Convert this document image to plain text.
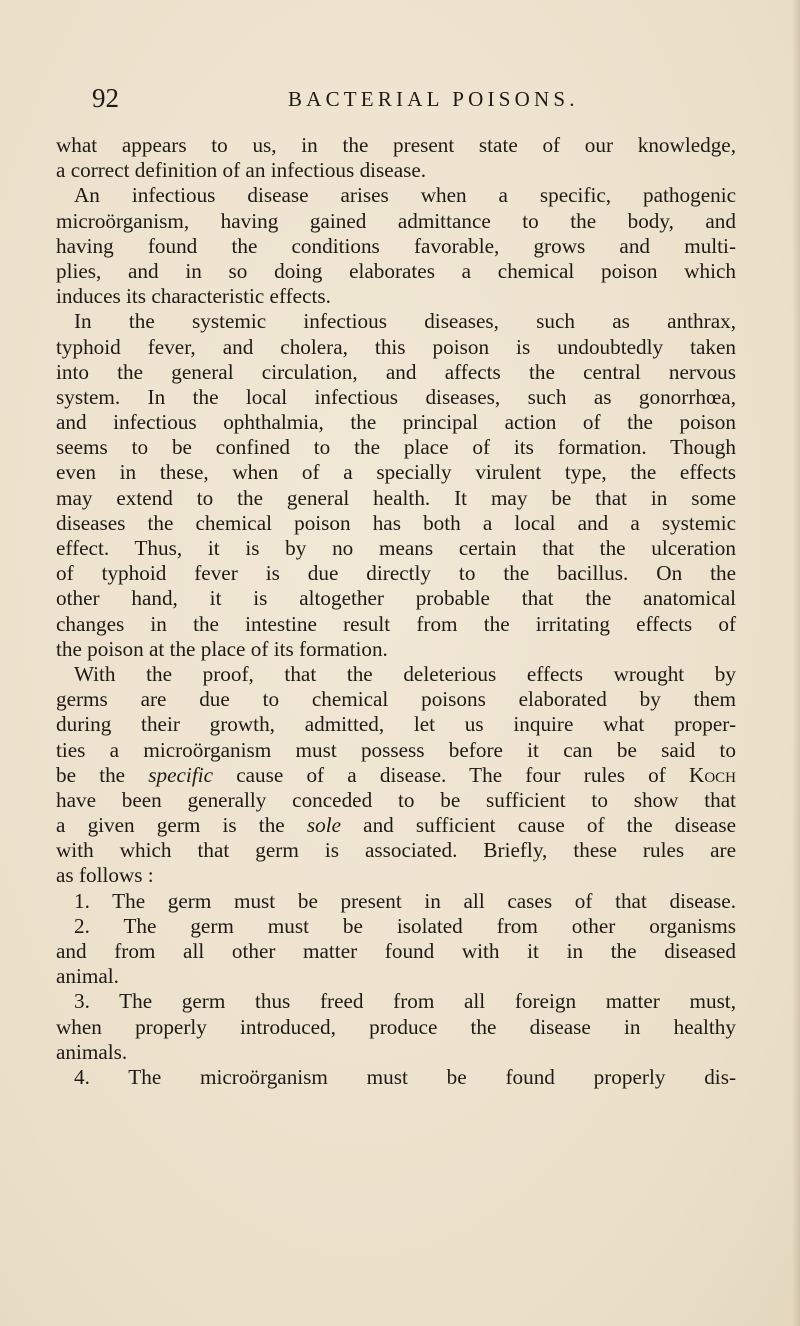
92	BACTERIAL POISONS.
what appears to us, in the present state of our knowledge,
a correct definition of an infectious disease.
An infectious disease arises when a specific, pathogenic
microörganism, having gained admittance to the body, and
having found the conditions favorable, grows and multi-
plies, and in so doing elaborates a chemical poison which
induces its characteristic effects.
In the systemic infectious diseases, such as anthrax,
typhoid fever, and cholera, this poison is undoubtedly taken
into the general circulation, and affects the central nervous
system. In the local infectious diseases, such as gonorrhœa,
and infectious ophthalmia, the principal action of the poison
seems to be confined to the place of its formation. Though
even in these, when of a specially virulent type, the effects
may extend to the general health. It may be that in some
diseases the chemical poison has both a local and a systemic
effect. Thus, it is by no means certain that the ulceration
of typhoid fever is due directly to the bacillus. On the
other hand, it is altogether probable that the anatomical
changes in the intestine result from the irritating effects of
the poison at the place of its formation.
With the proof, that the deleterious effects wrought by
germs are due to chemical poisons elaborated by them
during their growth, admitted, let us inquire what proper-
ties a microörganism must possess before it can be said to
be the specific cause of a disease. The four rules of Koch
have been generally conceded to be sufficient to show that
a given germ is the sole and sufficient cause of the disease
with which that germ is associated. Briefly, these rules are
as follows :
1. The germ must be present in all cases of that disease.
2. The germ must be isolated from other organisms
and from all other matter found with it in the diseased
animal.
3. The germ thus freed from all foreign matter must,
when properly introduced, produce the disease in healthy
animals.
4. The microörganism must be found properly dis-
